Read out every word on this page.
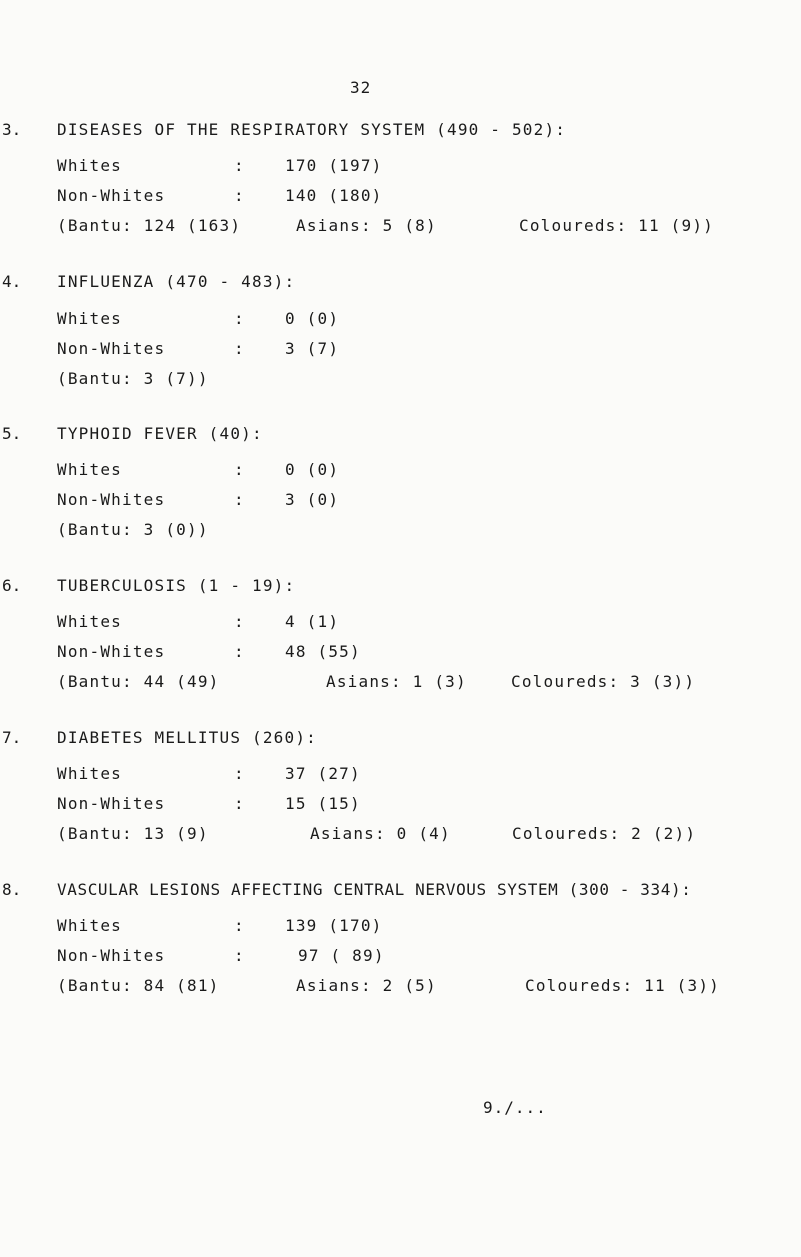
32
3. DISEASES OF THE RESPIRATORY SYSTEM (490 - 502):
Whites	:	170 (197)
Non-Whites	:	140 (180)
(Bantu: 124 (163)	Asians: 5 (8)	Coloureds: 11 (9))
4. INFLUENZA (470 - 483):
Whites	:	0 (0)
Non-Whites	:	3 (7)
(Bantu: 3 (7))
5. TYPHOID FEVER (40):
Whites	:	0 (0)
Non-Whites	:	3 (0)
(Bantu: 3 (0))
6. TUBERCULOSIS (1 - 19):
Whites	:	4 (1)
Non-Whites	:	48 (55)
(Bantu: 44 (49)	Asians: 1 (3)	Coloureds: 3 (3))
7. DIABETES MELLITUS (260):
Whites	:	37 (27)
Non-Whites	:	15 (15)
(Bantu: 13 (9)	Asians: 0 (4)	Coloureds: 2 (2))
8. VASCULAR LESIONS AFFECTING CENTRAL NERVOUS SYSTEM (300 - 334):
Whites	:	139 (170)
Non-Whites	:	97 ( 89)
(Bantu: 84 (81)	Asians: 2 (5)	Coloureds: 11 (3))
9./...
